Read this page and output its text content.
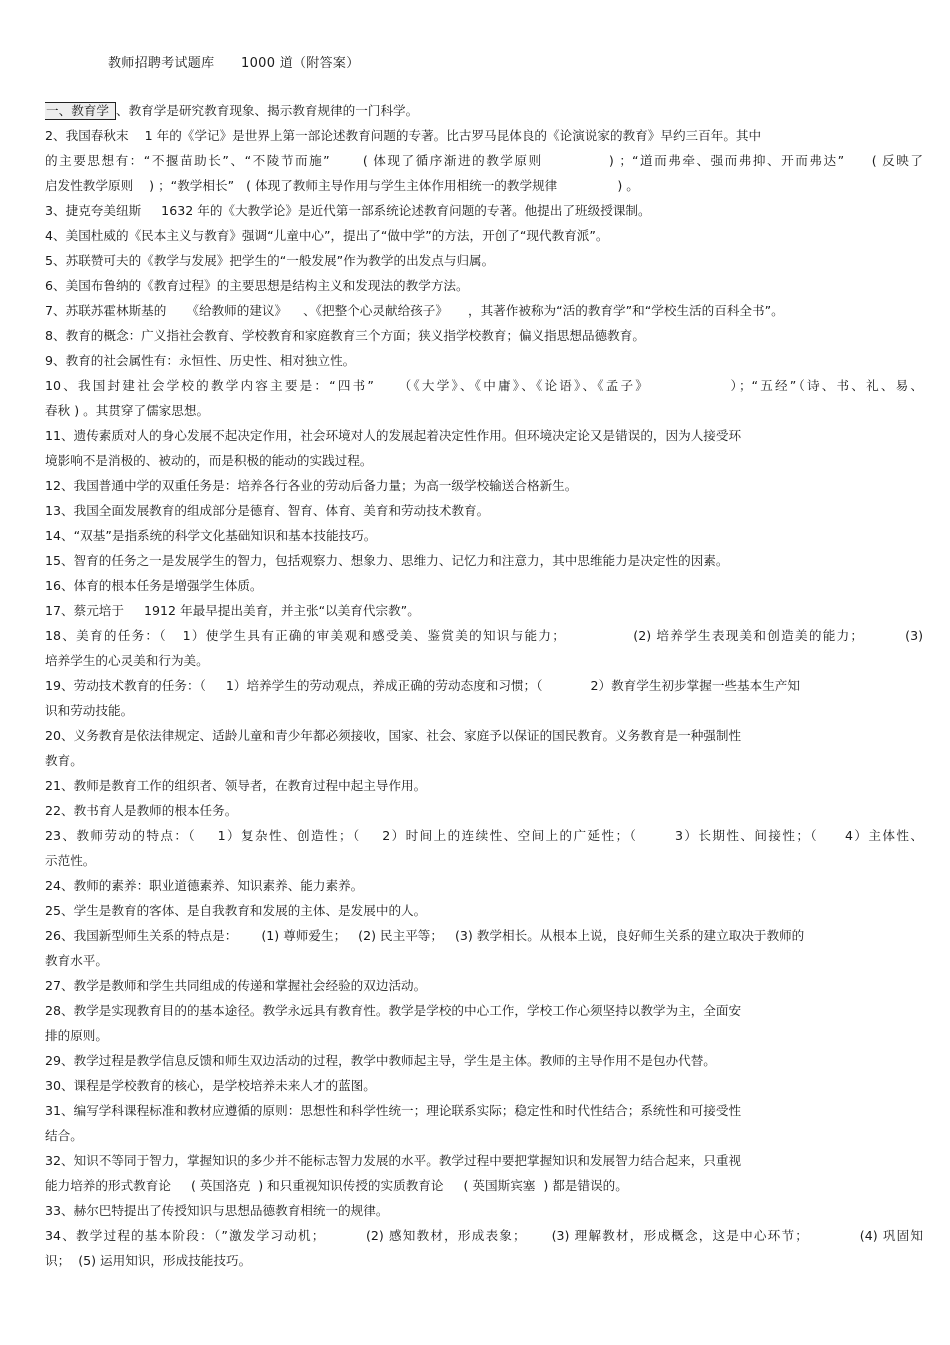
教师招聘考试题库      1000 道（附答案）
一、教育学 、教育学是研究教育现象、揭示教育规律的一门科学。
2、我国春秋末    1 年的《学记》是世界上第一部论述教育问题的专著。比古罗马昆体良的《论演说家的教育》早约三百年。其中
的主要思想有：“不揠苗助长”、“不陵节而施”      ( 体现了循序渐进的教学原则            ) ；“道而弗牵、强而弗抑、开而弗达”     ( 反映了
启发性教学原则    ) ；“教学相长”   ( 体现了教师主导作用与学生主体作用相统一的教学规律               ) 。
3、捷克夸美纽斯     1632 年的《大教学论》是近代第一部系统论述教育问题的专著。他提出了班级授课制。
4、美国杜威的《民本主义与教育》强调“儿童中心”，提出了“做中学”的方法，开创了“现代教育派”。
5、苏联赞可夫的《教学与发展》把学生的“一般发展”作为教学的出发点与归属。
6、美国布鲁纳的《教育过程》的主要思想是结构主义和发现法的教学方法。
7、苏联苏霍林斯基的     《给教师的建议》    、《把整个心灵献给孩子》     ，其著作被称为“活的教育学”和“学校生活的百科全书”。
8、教育的概念：广义指社会教育、学校教育和家庭教育三个方面；狭义指学校教育；偏义指思想品德教育。
9、教育的社会属性有：永恒性、历史性、相对独立性。
10、我国封建社会学校的教学内容主要是：“四书”    （《大学》、《中庸》、《论语》、《孟子》             ）；“五经”（诗、书、礼、易、
春秋 ) 。其贯穿了儒家思想。
11、遗传素质对人的身心发展不起决定作用，社会环境对人的发展起着决定性作用。但环境决定论又是错误的，因为人接受环
境影响不是消极的、被动的，而是积极的能动的实践过程。
12、我国普通中学的双重任务是：培养各行各业的劳动后备力量；为高一级学校输送合格新生。
13、我国全面发展教育的组成部分是德育、智育、体育、美育和劳动技术教育。
14、“双基”是指系统的科学文化基础知识和基本技能技巧。
15、智育的任务之一是发展学生的智力，包括观察力、想象力、思维力、记忆力和注意力，其中思维能力是决定性的因素。
16、体育的根本任务是增强学生体质。
17、蔡元培于     1912 年最早提出美育，并主张“以美育代宗教”。
18、美育的任务：（   1）使学生具有正确的审美观和感受美、鉴赏美的知识与能力；             (2) 培养学生表现美和创造美的能力；        (3)
培养学生的心灵美和行为美。
19、劳动技术教育的任务：（     1）培养学生的劳动观点，养成正确的劳动态度和习惯；（            2）教育学生初步掌握一些基本生产知
识和劳动技能。
20、义务教育是依法律规定、适龄儿童和青少年都必须接收，国家、社会、家庭予以保证的国民教育。义务教育是一种强制性
教育。
21、教师是教育工作的组织者、领导者，在教育过程中起主导作用。
22、教书育人是教师的根本任务。
23、教师劳动的特点：（    1）复杂性、创造性；（    2）时间上的连续性、空间上的广延性；（       3）长期性、间接性；（     4）主体性、
示范性。
24、教师的素养：职业道德素养、知识素养、能力素养。
25、学生是教育的客体、是自我教育和发展的主体、是发展中的人。
26、我国新型师生关系的特点是：      (1) 尊师爱生；   (2) 民主平等；   (3) 教学相长。从根本上说，良好师生关系的建立取决于教师的
教育水平。
27、教学是教师和学生共同组成的传递和掌握社会经验的双边活动。
28、教学是实现教育目的的基本途径。教学永远具有教育性。教学是学校的中心工作，学校工作心须坚持以教学为主，全面安
排的原则。
29、教学过程是教学信息反馈和师生双边活动的过程，教学中教师起主导，学生是主体。教师的主导作用不是包办代替。
30、课程是学校教育的核心，是学校培养未来人才的蓝图。
31、编写学科课程标准和教材应遵循的原则：思想性和科学性统一；理论联系实际；稳定性和时代性结合；系统性和可接受性
结合。
32、知识不等同于智力，掌握知识的多少并不能标志智力发展的水平。教学过程中要把掌握知识和发展智力结合起来，只重视
能力培养的形式教育论     ( 英国洛克  ) 和只重视知识传授的实质教育论     ( 英国斯宾塞  ) 都是错误的。
33、赫尔巴特提出了传授知识与思想品德教育相统一的规律。
34、教学过程的基本阶段：（”激发学习动机；        (2) 感知教材，形成表象；     (3) 理解教材，形成概念，这是中心环节；          (4) 巩固知
识；  (5) 运用知识，形成技能技巧。
